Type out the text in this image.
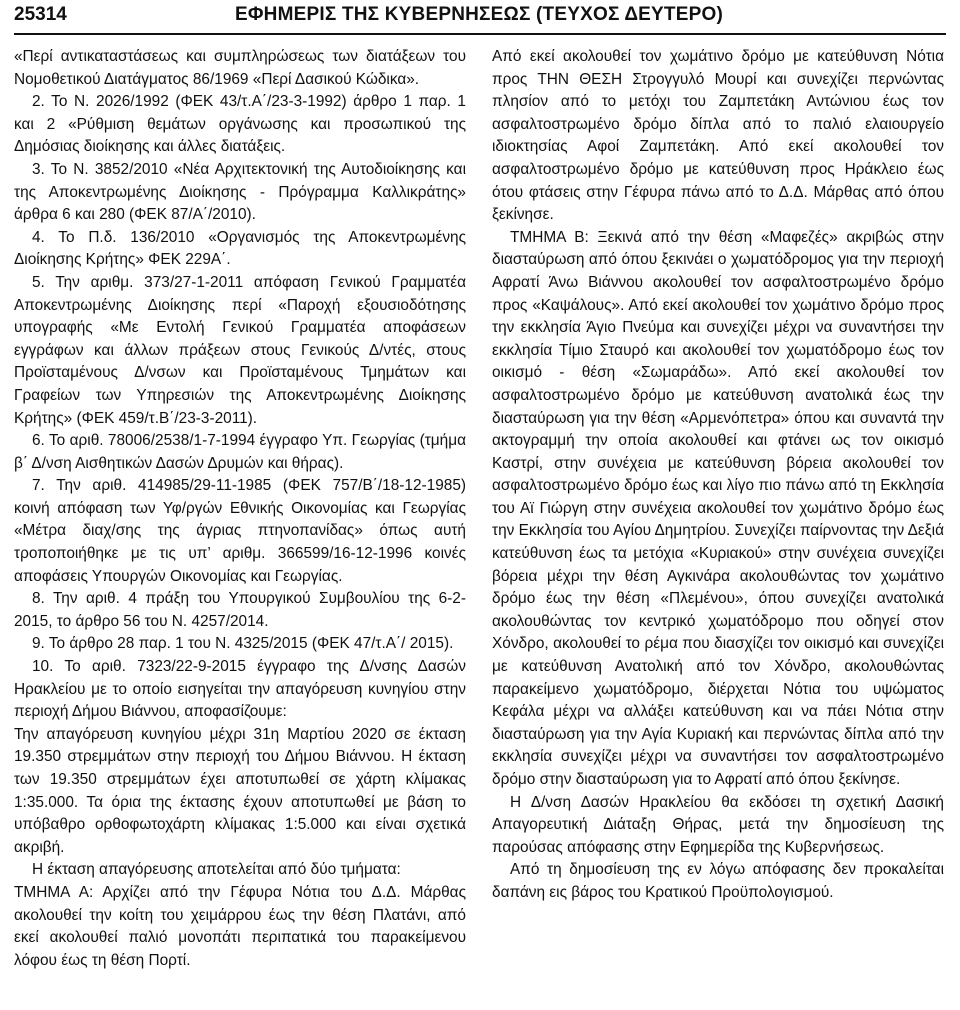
25314	ΕΦΗΜΕΡΙΣ ΤΗΣ ΚΥΒΕΡΝΗΣΕΩΣ (ΤΕΥΧΟΣ ΔΕΥΤΕΡΟ)

«Περί αντικαταστάσεως και συμπληρώσεως των διατάξεων του Νομοθετικού Διατάγματος 86/1969 «Περί Δασικού Κώδικα».

2. Το Ν. 2026/1992 (ΦΕΚ 43/τ.Α΄/23-3-1992) άρθρο 1 παρ. 1 και 2 «Ρύθμιση θεμάτων οργάνωσης και προσωπικού της Δημόσιας διοίκησης και άλλες διατάξεις.

3. Το Ν. 3852/2010 «Νέα Αρχιτεκτονική της Αυτοδιοίκησης και της Αποκεντρωμένης Διοίκησης - Πρόγραμμα Καλλικράτης» άρθρα 6 και 280 (ΦΕΚ 87/Α΄/2010).

4. Το Π.δ. 136/2010 «Οργανισμός της Αποκεντρωμένης Διοίκησης Κρήτης» ΦΕΚ 229Α΄.

5. Την αριθμ. 373/27-1-2011 απόφαση Γενικού Γραμματέα Αποκεντρωμένης Διοίκησης περί «Παροχή εξουσιοδότησης υπογραφής «Με Εντολή Γενικού Γραμματέα αποφάσεων εγγράφων και άλλων πράξεων στους Γενικούς Δ/ντές, στους Προϊσταμένους Δ/νσων και Προϊσταμένους Τμημάτων και Γραφείων των Υπηρεσιών της Αποκεντρωμένης Διοίκησης Κρήτης» (ΦΕΚ 459/τ.Β΄/23-3-2011).

6. Το αριθ. 78006/2538/1-7-1994 έγγραφο Υπ. Γεωργίας (τμήμα β΄ Δ/νση Αισθητικών Δασών Δρυμών και θήρας).

7. Την αριθ. 414985/29-11-1985 (ΦΕΚ 757/Β΄/18-12-1985) κοινή απόφαση των Υφ/ργών Εθνικής Οικονομίας και Γεωργίας «Μέτρα διαχ/σης της άγριας πτηνοπανίδας» όπως αυτή τροποποιήθηκε με τις υπ’ αριθμ. 366599/16-12-1996 κοινές αποφάσεις Υπουργών Οικονομίας και Γεωργίας.

8. Την αριθ. 4 πράξη του Υπουργικού Συμβουλίου της 6-2-2015, το άρθρο 56 του Ν. 4257/2014.

9. Το άρθρο 28 παρ. 1 του Ν. 4325/2015 (ΦΕΚ 47/τ.Α΄/ 2015).

10. Το αριθ. 7323/22-9-2015 έγγραφο της Δ/νσης Δασών Ηρακλείου με το οποίο εισηγείται την απαγόρευση κυνηγίου στην περιοχή Δήμου Βιάννου, αποφασίζουμε:

Την απαγόρευση κυνηγίου μέχρι 31η Μαρτίου 2020 σε έκταση 19.350 στρεμμάτων στην περιοχή του Δήμου Βιάννου. Η έκταση των 19.350 στρεμμάτων έχει αποτυπωθεί σε χάρτη κλίμακας 1:35.000. Τα όρια της έκτασης έχουν αποτυπωθεί με βάση το υπόβαθρο ορθοφωτοχάρτη κλίμακας 1:5.000 και είναι σχετικά ακριβή.

Η έκταση απαγόρευσης αποτελείται από δύο τμήματα:

ΤΜΗΜΑ Α: Αρχίζει από την Γέφυρα Νότια του Δ.Δ. Μάρθας ακολουθεί την κοίτη του χειμάρρου έως την θέση Πλατάνι, από εκεί ακολουθεί παλιό μονοπάτι περιπατικά του παρακείμενου λόφου έως τη θέση Πορτί.

Από εκεί ακολουθεί τον χωμάτινο δρόμο με κατεύθυνση Νότια προς ΤΗΝ ΘΕΣΗ Στρογγυλό Μουρί και συνεχίζει περνώντας πλησίον από το μετόχι του Ζαμπετάκη Αντώνιου έως τον ασφαλτοστρωμένο δρόμο δίπλα από το παλιό ελαιουργείο ιδιοκτησίας Αφοί Ζαμπετάκη. Από εκεί ακολουθεί τον ασφαλτοστρωμένο δρόμο με κατεύθυνση προς Ηράκλειο έως ότου φτάσεις στην Γέφυρα πάνω από το Δ.Δ. Μάρθας από όπου ξεκίνησε.

ΤΜΗΜΑ Β: Ξεκινά από την θέση «Μαφεζές» ακριβώς στην διασταύρωση από όπου ξεκινάει ο χωματόδρομος για την περιοχή Αφρατί Άνω Βιάννου ακολουθεί τον ασφαλτοστρωμένο δρόμο προς «Καψάλους». Από εκεί ακολουθεί τον χωμάτινο δρόμο προς την εκκλησία Άγιο Πνεύμα και συνεχίζει μέχρι να συναντήσει την εκκλησία Τίμιο Σταυρό και ακολουθεί τον χωματόδρομο έως τον οικισμό - θέση «Σωμαράδω». Από εκεί ακολουθεί τον ασφαλτοστρωμένο δρόμο με κατεύθυνση ανατολικά έως την διασταύρωση για την θέση «Αρμενόπετρα» όπου και συναντά την ακτογραμμή την οποία ακολουθεί και φτάνει ως τον οικισμό Καστρί, στην συνέχεια με κατεύθυνση βόρεια ακολουθεί τον ασφαλτοστρωμένο δρόμο έως και λίγο πιο πάνω από τη Εκκλησία του Αϊ Γιώργη στην συνέχεια ακολουθεί τον χωμάτινο δρόμο έως την Εκκλησία του Αγίου Δημητρίου. Συνεχίζει παίρνοντας την Δεξιά κατεύθυνση έως τα μετόχια «Κυριακού» στην συνέχεια συνεχίζει βόρεια μέχρι την θέση Αγκινάρα ακολουθώντας τον χωμάτινο δρόμο έως την θέση «Πλεμένου», όπου συνεχίζει ανατολικά ακολουθώντας τον κεντρικό χωματόδρομο που οδηγεί στον Χόνδρο, ακολουθεί το ρέμα που διασχίζει τον οικισμό και συνεχίζει με κατεύθυνση Ανατολική από τον Χόνδρο, ακολουθώντας παρακείμενο χωματόδρομο, διέρχεται Νότια του υψώματος Κεφάλα μέχρι να αλλάξει κατεύθυνση και να πάει Νότια στην διασταύρωση για την Αγία Κυριακή και περνώντας δίπλα από την εκκλησία συνεχίζει μέχρι να συναντήσει τον ασφαλτοστρωμένο δρόμο στην διασταύρωση για το Αφρατί από όπου ξεκίνησε.

Η Δ/νση Δασών Ηρακλείου θα εκδόσει τη σχετική Δασική Απαγορευτική Διάταξη Θήρας, μετά την δημοσίευση της παρούσας απόφασης στην Εφημερίδα της Κυβερνήσεως.

Από τη δημοσίευση της εν λόγω απόφασης δεν προκαλείται δαπάνη εις βάρος του Κρατικού Προϋπολογισμού.
